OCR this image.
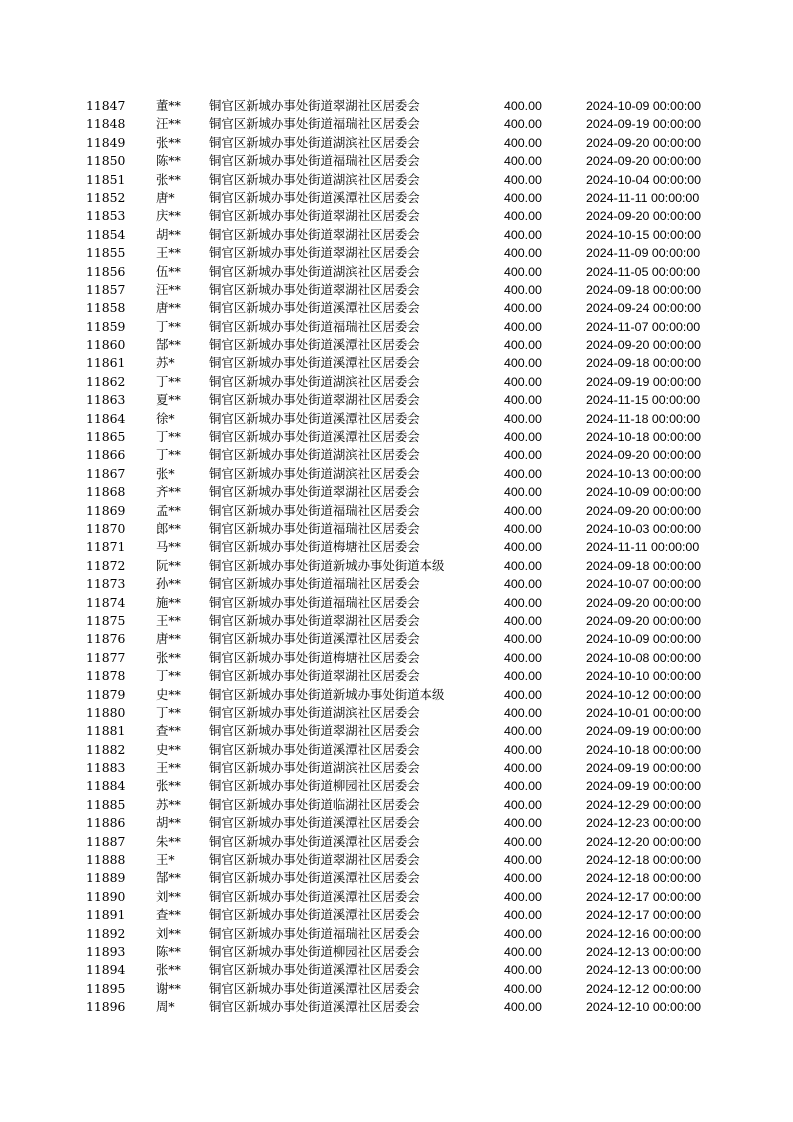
11847 董**	铜官区新城办事处街道翠湖社区居委会	400.00	2024-10-09 00:00:00
11848 汪**	铜官区新城办事处街道福瑞社区居委会	400.00	2024-09-19 00:00:00
11849 张**	铜官区新城办事处街道湖滨社区居委会	400.00	2024-09-20 00:00:00
11850 陈**	铜官区新城办事处街道福瑞社区居委会	400.00	2024-09-20 00:00:00
11851 张**	铜官区新城办事处街道湖滨社区居委会	400.00	2024-10-04 00:00:00
11852 唐*	铜官区新城办事处街道溪潭社区居委会	400.00	2024-11-11 00:00:00
11853 庆**	铜官区新城办事处街道翠湖社区居委会	400.00	2024-09-20 00:00:00
11854 胡**	铜官区新城办事处街道翠湖社区居委会	400.00	2024-10-15 00:00:00
11855 王**	铜官区新城办事处街道翠湖社区居委会	400.00	2024-11-09 00:00:00
11856 伍**	铜官区新城办事处街道湖滨社区居委会	400.00	2024-11-05 00:00:00
11857 汪**	铜官区新城办事处街道翠湖社区居委会	400.00	2024-09-18 00:00:00
11858 唐**	铜官区新城办事处街道溪潭社区居委会	400.00	2024-09-24 00:00:00
11859 丁**	铜官区新城办事处街道福瑞社区居委会	400.00	2024-11-07 00:00:00
11860 郜**	铜官区新城办事处街道溪潭社区居委会	400.00	2024-09-20 00:00:00
11861 苏*	铜官区新城办事处街道溪潭社区居委会	400.00	2024-09-18 00:00:00
11862 丁**	铜官区新城办事处街道湖滨社区居委会	400.00	2024-09-19 00:00:00
11863 夏**	铜官区新城办事处街道翠湖社区居委会	400.00	2024-11-15 00:00:00
11864 徐*	铜官区新城办事处街道溪潭社区居委会	400.00	2024-11-18 00:00:00
11865 丁**	铜官区新城办事处街道溪潭社区居委会	400.00	2024-10-18 00:00:00
11866 丁**	铜官区新城办事处街道湖滨社区居委会	400.00	2024-09-20 00:00:00
11867 张*	铜官区新城办事处街道湖滨社区居委会	400.00	2024-10-13 00:00:00
11868 齐**	铜官区新城办事处街道翠湖社区居委会	400.00	2024-10-09 00:00:00
11869 孟**	铜官区新城办事处街道福瑞社区居委会	400.00	2024-09-20 00:00:00
11870 郎**	铜官区新城办事处街道福瑞社区居委会	400.00	2024-10-03 00:00:00
11871 马**	铜官区新城办事处街道梅塘社区居委会	400.00	2024-11-11 00:00:00
11872 阮**	铜官区新城办事处街道新城办事处街道本级	400.00	2024-09-18 00:00:00
11873 孙**	铜官区新城办事处街道福瑞社区居委会	400.00	2024-10-07 00:00:00
11874 施**	铜官区新城办事处街道福瑞社区居委会	400.00	2024-09-20 00:00:00
11875 王**	铜官区新城办事处街道翠湖社区居委会	400.00	2024-09-20 00:00:00
11876 唐**	铜官区新城办事处街道溪潭社区居委会	400.00	2024-10-09 00:00:00
11877 张**	铜官区新城办事处街道梅塘社区居委会	400.00	2024-10-08 00:00:00
11878 丁**	铜官区新城办事处街道翠湖社区居委会	400.00	2024-10-10 00:00:00
11879 史**	铜官区新城办事处街道新城办事处街道本级	400.00	2024-10-12 00:00:00
11880 丁**	铜官区新城办事处街道湖滨社区居委会	400.00	2024-10-01 00:00:00
11881 查**	铜官区新城办事处街道翠湖社区居委会	400.00	2024-09-19 00:00:00
11882 史**	铜官区新城办事处街道溪潭社区居委会	400.00	2024-10-18 00:00:00
11883 王**	铜官区新城办事处街道湖滨社区居委会	400.00	2024-09-19 00:00:00
11884 张**	铜官区新城办事处街道柳园社区居委会	400.00	2024-09-19 00:00:00
11885 苏**	铜官区新城办事处街道临湖社区居委会	400.00	2024-12-29 00:00:00
11886 胡**	铜官区新城办事处街道溪潭社区居委会	400.00	2024-12-23 00:00:00
11887 朱**	铜官区新城办事处街道溪潭社区居委会	400.00	2024-12-20 00:00:00
11888 王*	铜官区新城办事处街道翠湖社区居委会	400.00	2024-12-18 00:00:00
11889 郜**	铜官区新城办事处街道溪潭社区居委会	400.00	2024-12-18 00:00:00
11890 刘**	铜官区新城办事处街道溪潭社区居委会	400.00	2024-12-17 00:00:00
11891 查**	铜官区新城办事处街道溪潭社区居委会	400.00	2024-12-17 00:00:00
11892 刘**	铜官区新城办事处街道福瑞社区居委会	400.00	2024-12-16 00:00:00
11893 陈**	铜官区新城办事处街道柳园社区居委会	400.00	2024-12-13 00:00:00
11894 张**	铜官区新城办事处街道溪潭社区居委会	400.00	2024-12-13 00:00:00
11895 谢**	铜官区新城办事处街道溪潭社区居委会	400.00	2024-12-12 00:00:00
11896 周*	铜官区新城办事处街道溪潭社区居委会	400.00	2024-12-10 00:00:00
